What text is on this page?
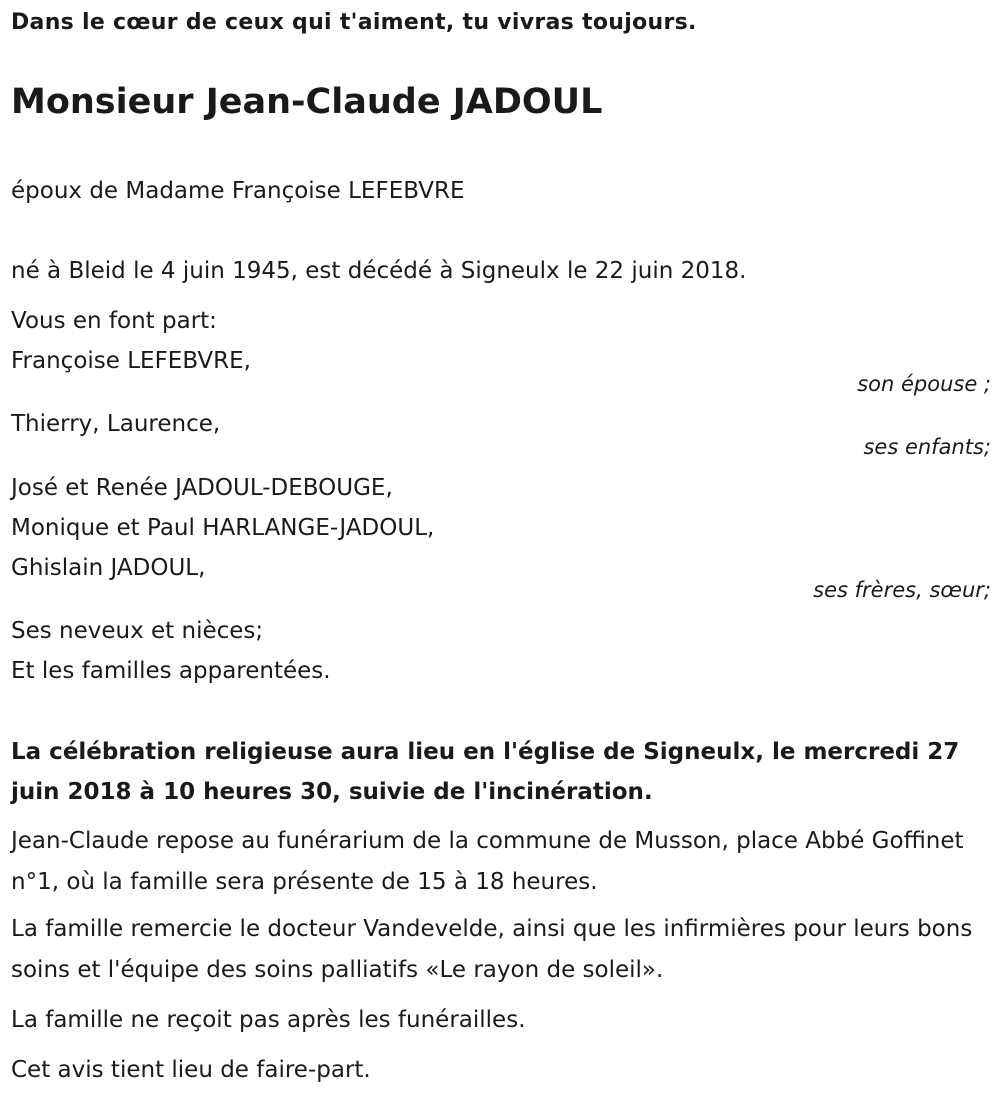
Dans le cœur de ceux qui t'aiment, tu vivras toujours.
Monsieur Jean-Claude JADOUL
époux de Madame Françoise LEFEBVRE
né à Bleid le 4 juin 1945, est décédé à Signeulx le 22 juin 2018.
Vous en font part:
Françoise LEFEBVRE,
son épouse ;
Thierry, Laurence,
ses enfants;
José et Renée JADOUL-DEBOUGE,
Monique et Paul HARLANGE-JADOUL,
Ghislain JADOUL,
ses frères, sœur;
Ses neveux et nièces;
Et les familles apparentées.
La célébration religieuse aura lieu en l'église de Signeulx, le mercredi 27 juin 2018 à 10 heures 30, suivie de l'incinération.
Jean-Claude repose au funérarium de la commune de Musson, place Abbé Goffinet n°1, où la famille sera présente de 15 à 18 heures.
La famille remercie le docteur Vandevelde, ainsi que les infirmières pour leurs bons soins et l'équipe des soins palliatifs «Le rayon de soleil».
La famille ne reçoit pas après les funérailles.
Cet avis tient lieu de faire-part.
